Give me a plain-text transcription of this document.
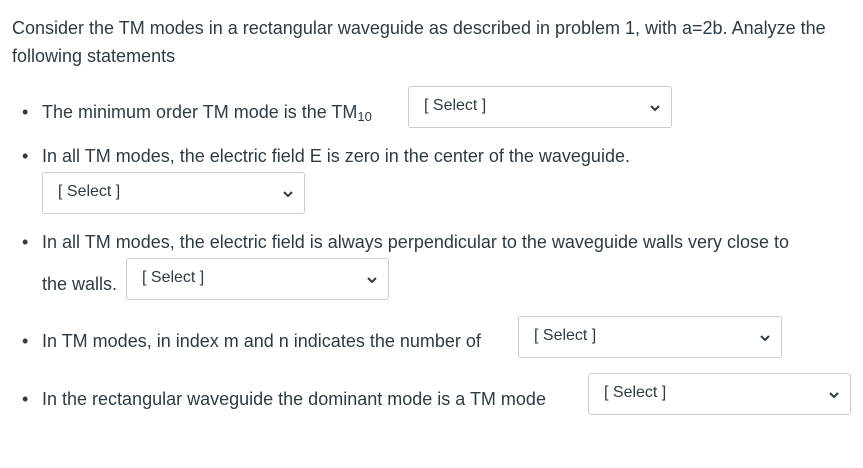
Consider the TM modes in a rectangular waveguide as described in problem 1, with a=2b. Analyze the following statements
• The minimum order TM mode is the $TM_{10}$
[ Select ]
• In all TM modes, the electric field E is zero in the center of the waveguide.
[ Select ]
• In all TM modes, the electric field is always perpendicular to the waveguide walls very close to
the walls. [ Select ]
• In TM modes, in index m and n indicates the number of	[ Select ]
• In the rectangular waveguide the dominant mode is a TM mode	[ Select ]
